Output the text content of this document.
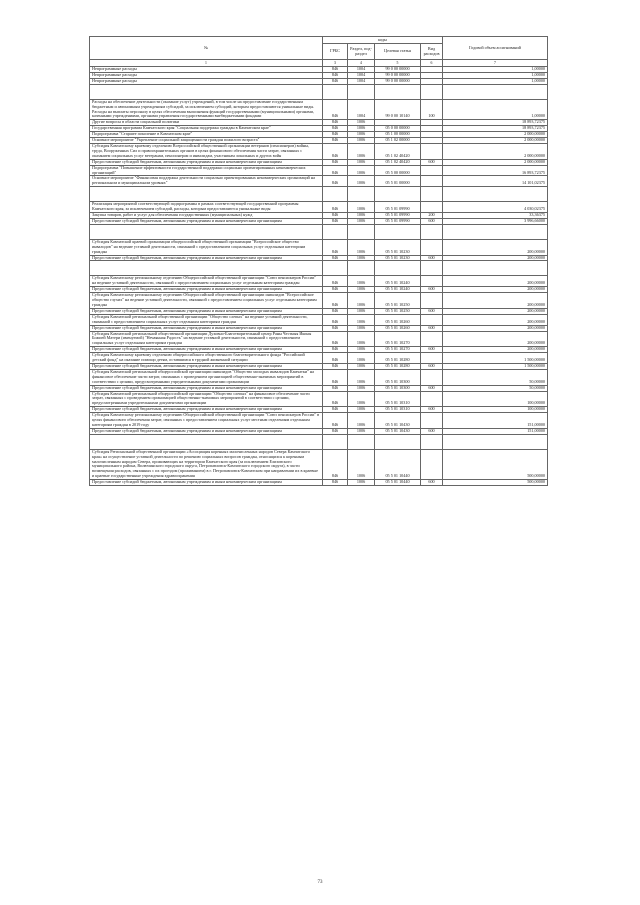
№	коды				Годовой объем ассигнований
	ГРБС	Раздел, под-раздел	Целевая статья	Вид расходов	
1	3	4	5	6	7
Непрограммные расходы	846	1004	99 0 00 00000		1,00000
Непрограммные расходы	846	1004	99 0 00 00000		1,00000
Непрограммные расходы	846	1004	99 0 00 00000		1,00000

Расходы на обеспечение деятельности (оказание услуг) учреждений, в том числе на предоставление государственным бюджетным и автономным учреждениям субсидий, за исключением субсидий, которым предоставляются уникальные виды. Расходы на выплаты персоналу в целях обеспечения выполнения функций государственными (муниципальными) органами, казенными учреждениями, органами управления государственными внебюджетными фондами	846	1004	99 0 00 10140	100	1,00000
Другие вопросы в области социальной политики	846	1006			18 893,72375
Государственная программа Камчатского края "Социальная поддержка граждан в Камчатском крае"	846	1006	05 0 00 00000		18 893,72375
Подпрограмма "Старшее поколение в Камчатском крае"	846	1006	05 1 00 00000		2 000,00000
Основное мероприятие "Укрепление социальной защищенности граждан пожилого возраста"	846	1006	05 1 02 00000		2 000,00000
Субсидия Камчатскому краевому отделению Всероссийской общественной организации ветеранов (пенсионеров) войны, труда, Вооруженных Сил и правоохранительных органов в целях финансового обеспечения части затрат, связанных с оказанием социальных услуг ветеранам, пенсионерам и инвалидам, участникам локальных и других войн	846	1006	05 1 02 40420		2 000,00000
Предоставление субсидий бюджетным, автономным учреждениям и иным некоммерческим организациям	846	1006	05 1 02 40420	600	2 000,00000
Подпрограмма "Повышение эффективности государственной поддержки социально ориентированных некоммерческих организаций"	846	1006	05 5 00 00000		16 893,72375
Основное мероприятие "Финансовая поддержка деятельности социально ориентированных некоммерческих организаций на региональном и муниципальном уровнях"	846	1006	05 5 01 00000		14 101,02375

Реализация мероприятий соответствующей подпрограммы в рамках соответствующей государственной программы Камчатского края, за исключением субсидий, расходы, которым предоставляются уникальные виды	846	1006	05 5 01 09990		4 030,02375
Закупка товаров, работ и услуг для обеспечения государственных (муниципальных) нужд	846	1006	05 5 01 09990	200	33,36375
Предоставление субсидий бюджетным, автономным учреждениям и иным некоммерческим организациям	846	1006	05 5 01 09990	600	3 996,66000

Субсидия Камчатской краевой организации общероссийской общественной организации "Всероссийское общество инвалидов" на ведение уставной деятельности, связанной с предоставлением социальных услуг отдельным категориям граждан	846	1006	05 5 01 10230		200,00000
Предоставление субсидий бюджетным, автономным учреждениям и иным некоммерческим организациям	846	1006	05 5 01 10230	600	200,00000

Субсидия Камчатскому региональному отделению Общероссийской общественной организации "Союз пенсионеров России" на ведение уставной деятельности, связанной с предоставлением социальных услуг отдельным категориям граждан	846	1006	05 5 01 10240		200,00000
Предоставление субсидий бюджетным, автономным учреждениям и иным некоммерческим организациям	846	1006	05 5 01 10240	600	200,00000
Субсидия Камчатскому региональному отделению Общероссийской общественной организации инвалидов "Всероссийское общество глухих" на ведение уставной деятельности, связанной с предоставлением социальных услуг отдельным категориям граждан	846	1006	05 5 01 10250		200,00000
Предоставление субсидий бюджетным, автономным учреждениям и иным некоммерческим организациям	846	1006	05 5 01 10250	600	200,00000
Субсидия Камчатской региональной общественной организации "Общество слепых" на ведение уставной деятельности, связанной с предоставлением социальных услуг отдельным категориям граждан	846	1006	05 5 01 10260		200,00000
Предоставление субсидий бюджетным, автономным учреждениям и иным некоммерческим организациям	846	1006	05 5 01 10260	600	200,00000
Субсидия Камчатской региональной общественной организации Духовно-Благотворительный центр Раны Честныя Иконы Божией Матери (именуемой) "Нечаянная Радость" на ведение уставной деятельности, связанной с предоставлением социальных услуг отдельным категориям граждан	846	1006	05 5 01 10270		200,00000
Предоставление субсидий бюджетным, автономным учреждениям и иным некоммерческим организациям	846	1006	05 5 01 10270	600	200,00000
Субсидия Камчатскому краевому отделению общероссийского общественного благотворительного фонда "Российский детский фонд" на оказание помощи детям, оставшимся в трудной жизненной ситуации	846	1006	05 5 01 10280		1 500,00000
Предоставление субсидий бюджетным, автономным учреждениям и иным некоммерческим организациям	846	1006	05 5 01 10280	600	1 500,00000
Субсидия Камчатской региональной общероссийской организации инвалидов "Общество молодых инвалидов Камчатки" на финансовое обеспечение части затрат, связанных с проведением организацией общественно-значимых мероприятий в соответствии с целями, предусмотренными учредительными документами организации	846	1006	05 5 01 10300		50,00000
Предоставление субсидий бюджетным, автономным учреждениям и иным некоммерческим организациям	846	1006	05 5 01 10300	600	50,00000
Субсидия Камчатской региональной общероссийской организации "Общество слепых" на финансовое обеспечение части затрат, связанных с проведением организацией общественно-значимых мероприятий в соответствии с целями, предусмотренными учредительными документами организации	846	1006	05 5 01 10310		100,00000
Предоставление субсидий бюджетным, автономным учреждениям и иным некоммерческим организациям	846	1006	05 5 01 10310	600	100,00000
Субсидия Камчатскому региональному отделению Общероссийской общественной организации "Союз пенсионеров России" в целях финансового обеспечения затрат, связанных с предоставлением социальных услуг местным отделениям отдельным категориям граждан в 2019 году	846	1006	05 5 01 10430		151,00000
Предоставление субсидий бюджетным, автономным учреждениям и иным некоммерческим организациям	846	1006	05 5 01 10430	600	151,00000

Субсидия Региональной общественной организации «Ассоциация коренных малочисленных народов Севера Камчатского края» на осуществление уставной деятельности по решению социальных вопросов граждан, относящихся к коренным малочисленным народам Севера, проживающих на территории Камчатского края (за исключением Елизовского муниципального района, Вилючинского городского округа, Петропавловск-Камчатского городского округа), в части возмещения расходов, связанных с их проездом (проживанием) в г. Петропавловск-Камчатском при направлении их в краевые и краевые государственные учреждения здравоохранения	846	1006	05 5 01 10440		500,00000
Предоставление субсидий бюджетным, автономным учреждениям и иным некоммерческим организациям	846	1006	05 5 01 10440	600	500,00000
73
